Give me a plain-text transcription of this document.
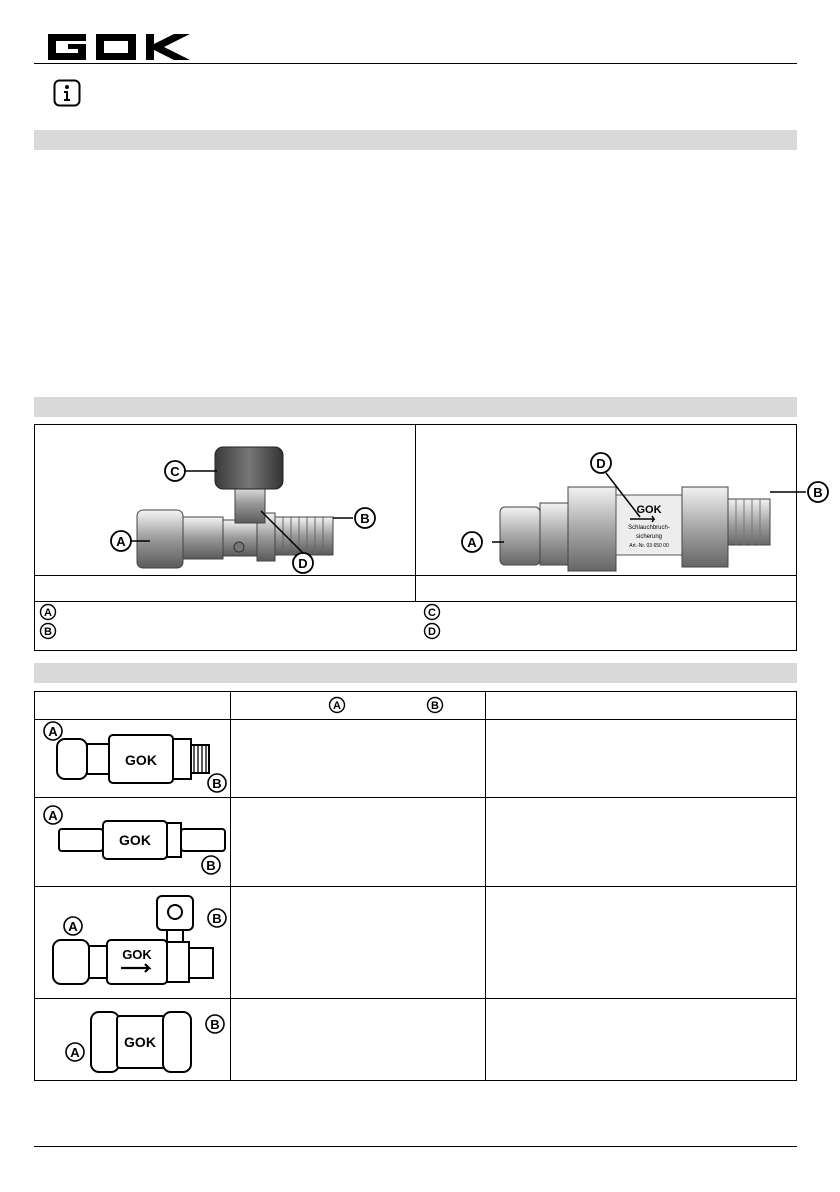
A
B
C
D
GOK
Schlauchbruch-
sicherung
Art.-Nr. 03 650 00
A
B
D
A
B
C
D
A	B
GOK
A
B
GOK
A
B
GOK
A
B
GOK
A
B
